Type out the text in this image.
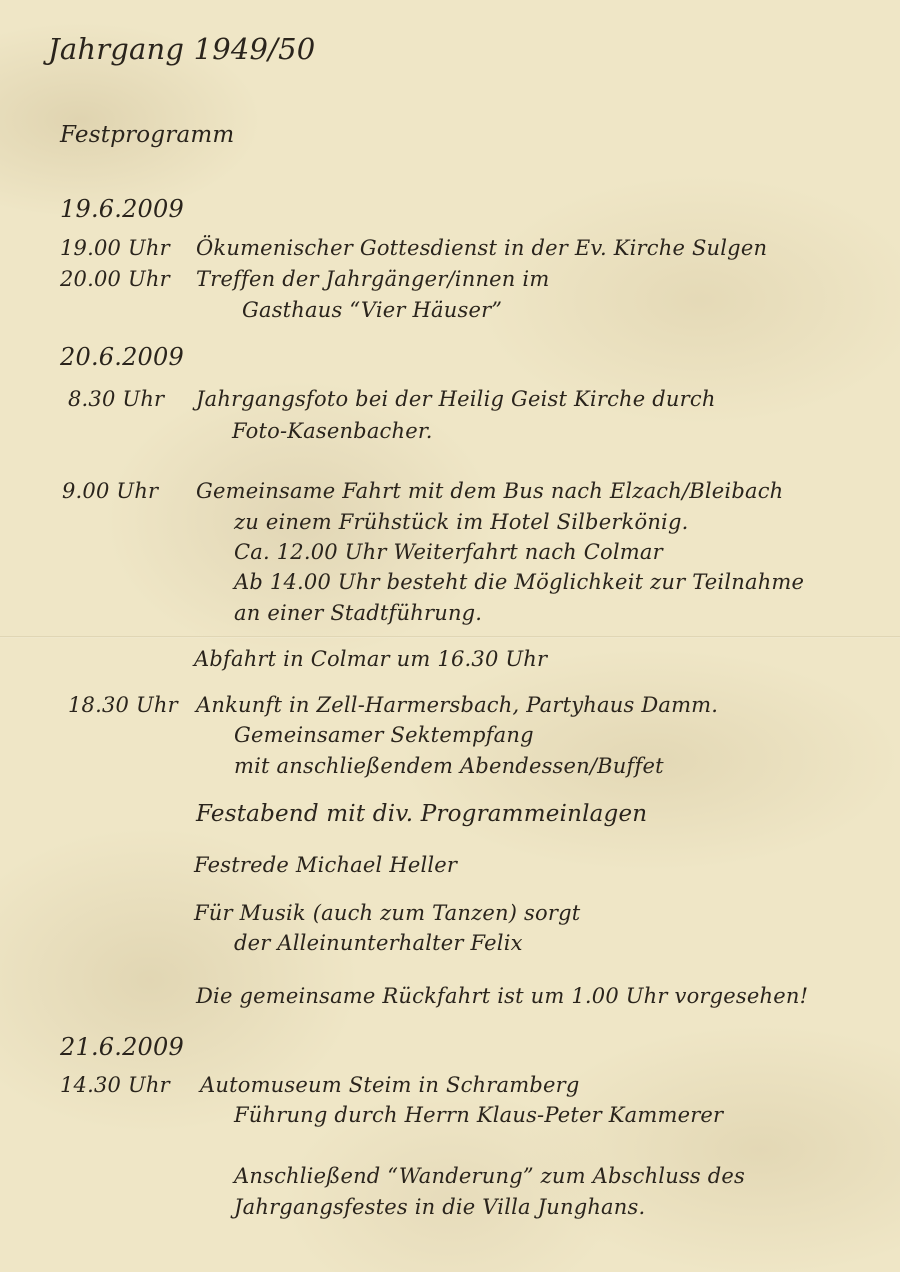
Jahrgang 1949/50
Festprogramm
19.6.2009
19.00 Uhr Ökumenischer Gottesdienst in der Ev. Kirche Sulgen
20.00 Uhr Treffen der Jahrgänger/innen im
Gasthaus “Vier Häuser”
20.6.2009
8.30 Uhr Jahrgangsfoto bei der Heilig Geist Kirche durch
Foto-Kasenbacher.
9.00 Uhr Gemeinsame Fahrt mit dem Bus nach Elzach/Bleibach
zu einem Frühstück im Hotel Silberkönig.
Ca. 12.00 Uhr Weiterfahrt nach Colmar
Ab 14.00 Uhr besteht die Möglichkeit zur Teilnahme
an einer Stadtführung.
Abfahrt in Colmar um 16.30 Uhr
18.30 Uhr Ankunft in Zell-Harmersbach, Partyhaus Damm.
Gemeinsamer Sektempfang
mit anschließendem Abendessen/Buffet
Festabend mit div. Programmeinlagen
Festrede Michael Heller
Für Musik (auch zum Tanzen) sorgt
der Alleinunterhalter Felix
Die gemeinsame Rückfahrt ist um 1.00 Uhr vorgesehen!
21.6.2009
14.30 Uhr Automuseum Steim in Schramberg
Führung durch Herrn Klaus-Peter Kammerer
Anschließend “Wanderung” zum Abschluss des
Jahrgangsfestes in die Villa Junghans.
